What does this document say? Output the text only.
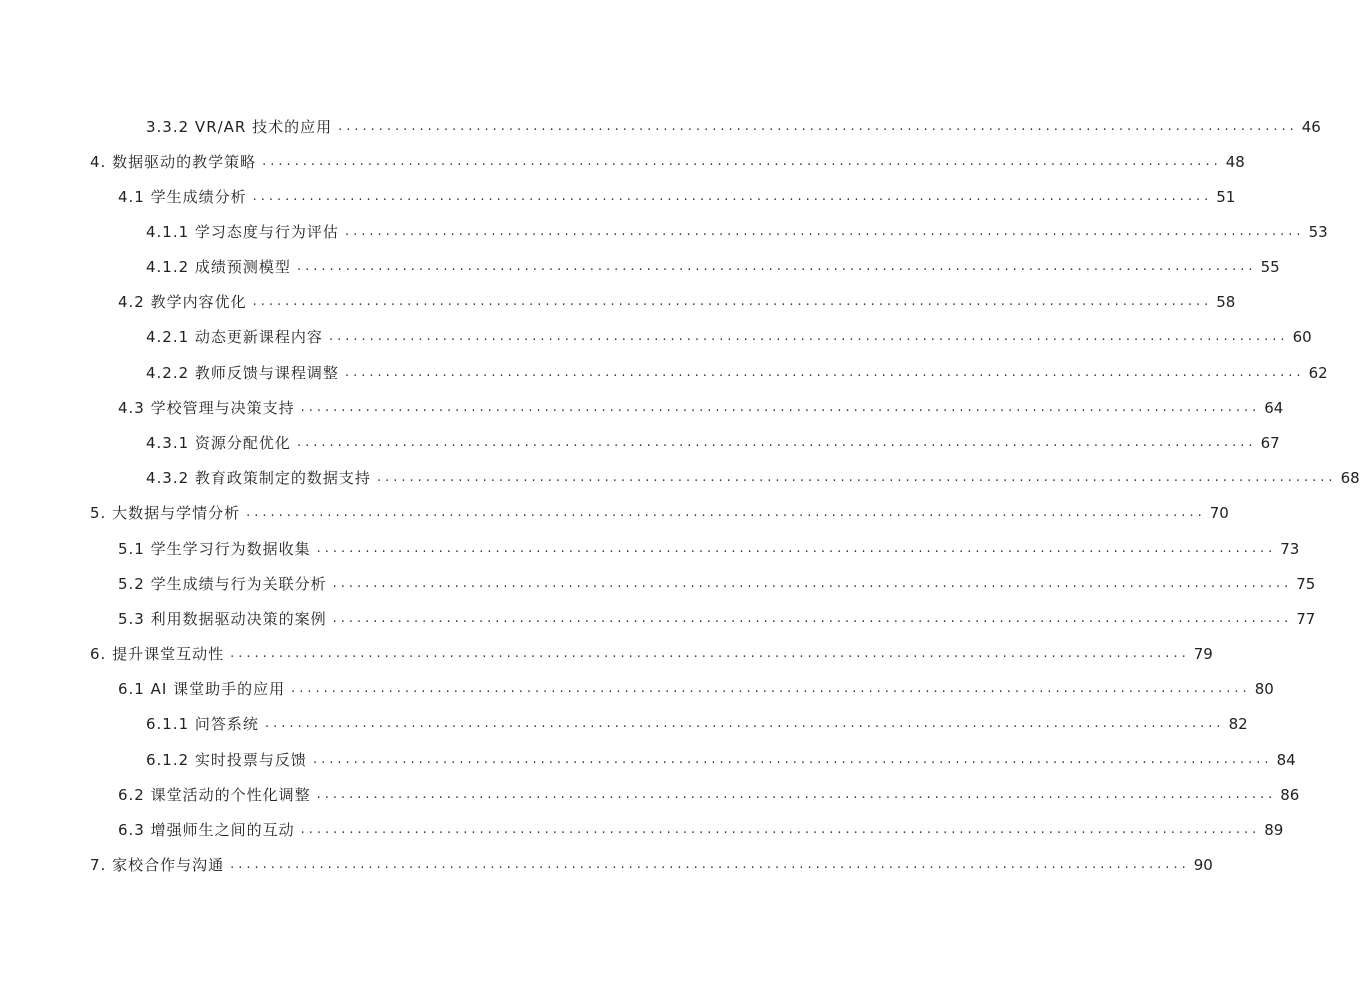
3.3.2 VR/AR 技术的应用 ...................................................................................................................... 46
4. 数据驱动的教学策略 ...................................................................................................................... 48
4.1 学生成绩分析 ...................................................................................................................... 51
4.1.1 学习态度与行为评估 ...................................................................................................................... 53
4.1.2 成绩预测模型 ...................................................................................................................... 55
4.2 教学内容优化 ...................................................................................................................... 58
4.2.1 动态更新课程内容 ...................................................................................................................... 60
4.2.2 教师反馈与课程调整 ...................................................................................................................... 62
4.3 学校管理与决策支持 ...................................................................................................................... 64
4.3.1 资源分配优化 ...................................................................................................................... 67
4.3.2 教育政策制定的数据支持 ...................................................................................................................... 68
5. 大数据与学情分析 ...................................................................................................................... 70
5.1 学生学习行为数据收集 ...................................................................................................................... 73
5.2 学生成绩与行为关联分析 ...................................................................................................................... 75
5.3 利用数据驱动决策的案例 ...................................................................................................................... 77
6. 提升课堂互动性 ...................................................................................................................... 79
6.1 AI 课堂助手的应用 ...................................................................................................................... 80
6.1.1 问答系统 ...................................................................................................................... 82
6.1.2 实时投票与反馈 ...................................................................................................................... 84
6.2 课堂活动的个性化调整 ...................................................................................................................... 86
6.3 增强师生之间的互动 ...................................................................................................................... 89
7. 家校合作与沟通 ...................................................................................................................... 90
